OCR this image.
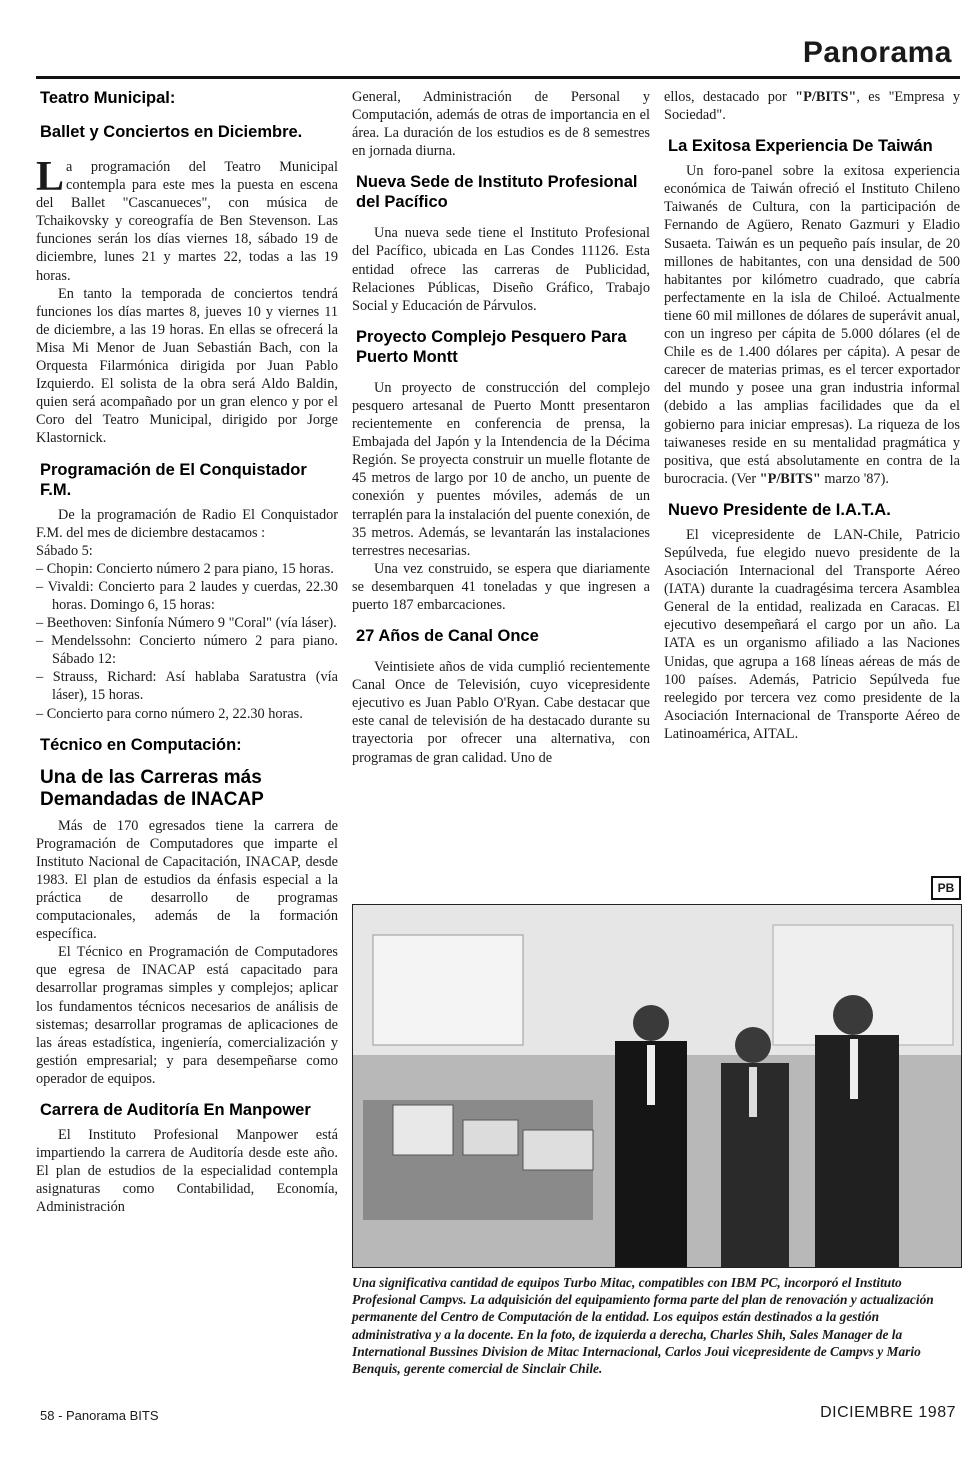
Panorama
Teatro Municipal:
Ballet y Conciertos en Diciembre.

La programación del Teatro Municipal contempla para este mes la puesta en escena del Ballet "Cascanueces", con música de Tchaikovsky y coreografía de Ben Stevenson. Las funciones serán los días viernes 18, sábado 19 de diciembre, lunes 21 y martes 22, todas a las 19 horas.

En tanto la temporada de conciertos tendrá funciones los días martes 8, jueves 10 y viernes 11 de diciembre, a las 19 horas. En ellas se ofrecerá la Misa Mi Menor de Juan Sebastián Bach, con la Orquesta Filarmónica dirigida por Juan Pablo Izquierdo. El solista de la obra será Aldo Baldin, quien será acompañado por un gran elenco y por el Coro del Teatro Municipal, dirigido por Jorge Klastornick.

Programación de El Conquistador F.M.

De la programación de Radio El Conquistador F.M. del mes de diciembre destacamos :

Sábado 5:

– Chopin: Concierto número 2 para piano, 15 horas.
– Vivaldi: Concierto para 2 laudes y cuerdas, 22.30 horas. Domingo 6, 15 horas:
– Beethoven: Sinfonía Número 9 "Coral" (vía láser).
– Mendelssohn: Concierto número 2 para piano. Sábado 12:
– Strauss, Richard: Así hablaba Saratustra (vía láser), 15 horas.
– Concierto para corno número 2, 22.30 horas.
Técnico en Computación:
Una de las Carreras más Demandadas de INACAP

Más de 170 egresados tiene la carrera de Programación de Computadores que imparte el Instituto Nacional de Capacitación, INACAP, desde 1983. El plan de estudios da énfasis especial a la práctica de desarrollo de programas computacionales, además de la formación específica.

El Técnico en Programación de Computadores que egresa de INACAP está capacitado para desarrollar programas simples y complejos; aplicar los fundamentos técnicos necesarios de análisis de sistemas; desarrollar programas de aplicaciones de las áreas estadística, ingeniería, comercialización y gestión empresarial; y para desempeñarse como operador de equipos.

Carrera de Auditoría En Manpower

El Instituto Profesional Manpower está impartiendo la carrera de Auditoría desde este año. El plan de estudios de la especialidad contempla asignaturas como Contabilidad, Economía, Administración

General, Administración de Personal y Computación, además de otras de importancia en el área. La duración de los estudios es de 8 semestres en jornada diurna.

Nueva Sede de Instituto Profesional del Pacífico

Una nueva sede tiene el Instituto Profesional del Pacífico, ubicada en Las Condes 11126. Esta entidad ofrece las carreras de Publicidad, Relaciones Públicas, Diseño Gráfico, Trabajo Social y Educación de Párvulos.

Proyecto Complejo Pesquero Para Puerto Montt

Un proyecto de construcción del complejo pesquero artesanal de Puerto Montt presentaron recientemente en conferencia de prensa, la Embajada del Japón y la Intendencia de la Décima Región. Se proyecta construir un muelle flotante de 45 metros de largo por 10 de ancho, un puente de conexión y puentes móviles, además de un terraplén para la instalación del puente conexión, de 35 metros. Además, se levantarán las instalaciones terrestres necesarias.

Una vez construido, se espera que diariamente se desembarquen 41 toneladas y que ingresen a puerto 187 embarcaciones.

27 Años de Canal Once

Veintisiete años de vida cumplió recientemente Canal Once de Televisión, cuyo vicepresidente ejecutivo es Juan Pablo O'Ryan. Cabe destacar que este canal de televisión de ha destacado durante su trayectoria por ofrecer una alternativa, con programas de gran calidad. Uno de

ellos, destacado por "P/BITS", es "Empresa y Sociedad".

La Exitosa Experiencia De Taiwán

Un foro-panel sobre la exitosa experiencia económica de Taiwán ofreció el Instituto Chileno Taiwanés de Cultura, con la participación de Fernando de Agüero, Renato Gazmuri y Eladio Susaeta. Taiwán es un pequeño país insular, de 20 millones de habitantes, con una densidad de 500 habitantes por kilómetro cuadrado, que cabría perfectamente en la isla de Chiloé. Actualmente tiene 60 mil millones de dólares de superávit anual, con un ingreso per cápita de 5.000 dólares (el de Chile es de 1.400 dólares per cápita). A pesar de carecer de materias primas, es el tercer exportador del mundo y posee una gran industria informal (debido a las amplias facilidades que da el gobierno para iniciar empresas). La riqueza de los taiwaneses reside en su mentalidad pragmática y positiva, que está absolutamente en contra de la burocracia. (Ver "P/BITS" marzo '87).

Nuevo Presidente de I.A.T.A.

El vicepresidente de LAN-Chile, Patricio Sepúlveda, fue elegido nuevo presidente de la Asociación Internacional del Transporte Aéreo (IATA) durante la cuadragésima tercera Asamblea General de la entidad, realizada en Caracas. El ejecutivo desempeñará el cargo por un año. La IATA es un organismo afiliado a las Naciones Unidas, que agrupa a 168 líneas aéreas de más de 100 países. Además, Patricio Sepúlveda fue reelegido por tercera vez como presidente de la Asociación Internacional de Transporte Aéreo de Latinoamérica, AITAL.

PB
Una significativa cantidad de equipos Turbo Mitac, compatibles con IBM PC, incorporó el Instituto Profesional Campvs. La adquisición del equipamiento forma parte del plan de renovación y actualización permanente del Centro de Computación de la entidad. Los equipos están destinados a la gestión administrativa y a la docente. En la foto, de izquierda a derecha, Charles Shih, Sales Manager de la International Bussines Division de Mitac Internacional, Carlos Joui vicepresidente de Campvs y Mario Benquis, gerente comercial de Sinclair Chile.
58 - Panorama BITS	DICIEMBRE 1987
